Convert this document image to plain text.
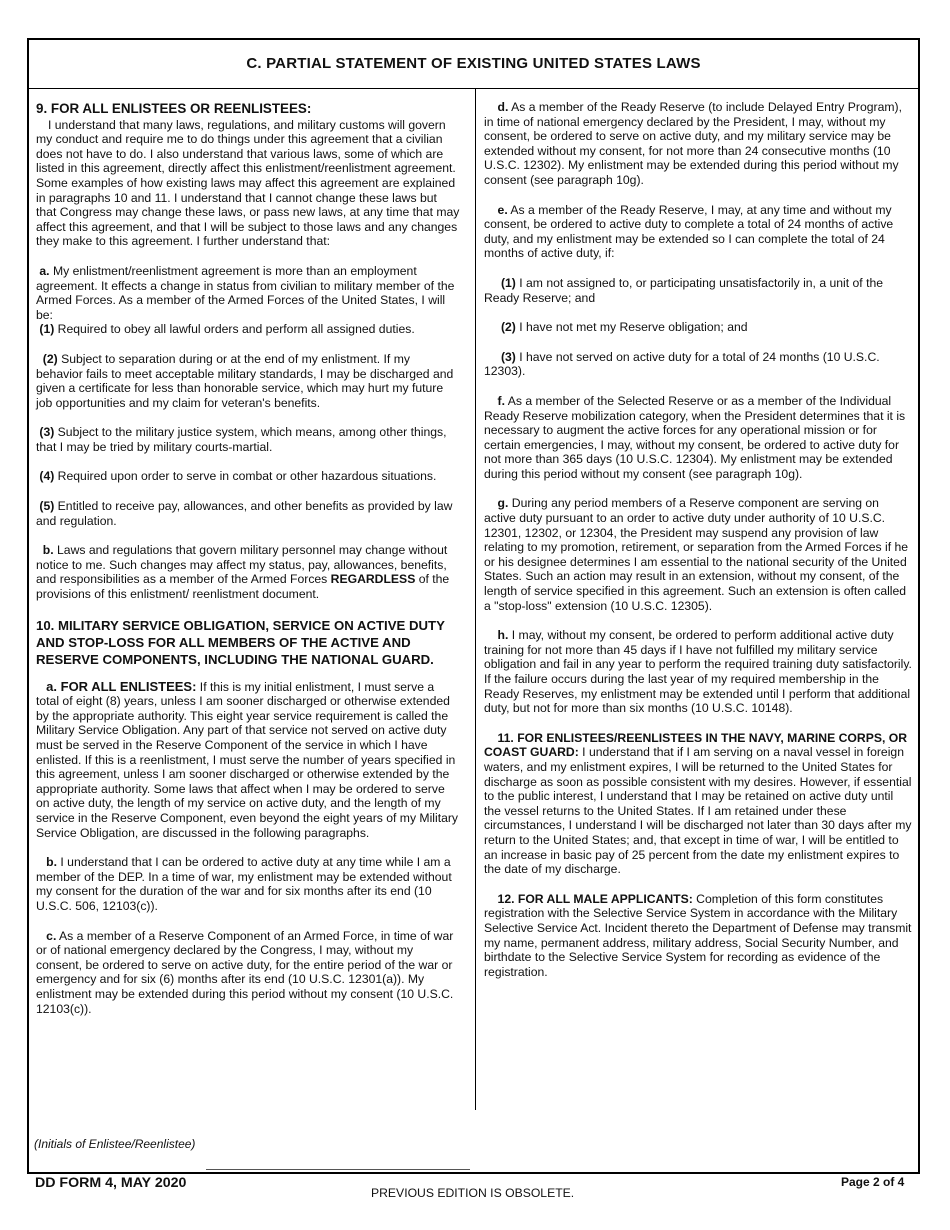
C. PARTIAL STATEMENT OF EXISTING UNITED STATES LAWS
9. FOR ALL ENLISTEES OR REENLISTEES:

I understand that many laws, regulations, and military customs will govern my conduct and require me to do things under this agreement that a civilian does not have to do. I also understand that various laws, some of which are listed in this agreement, directly affect this enlistment/reenlistment agreement. Some examples of how existing laws may affect this agreement are explained in paragraphs 10 and 11. I understand that I cannot change these laws but that Congress may change these laws, or pass new laws, at any time that may affect this agreement, and that I will be subject to those laws and any changes they make to this agreement. I further understand that:

a. My enlistment/reenlistment agreement is more than an employment agreement. It effects a change in status from civilian to military member of the Armed Forces. As a member of the Armed Forces of the United States, I will be:

(1) Required to obey all lawful orders and perform all assigned duties.

(2) Subject to separation during or at the end of my enlistment. If my behavior fails to meet acceptable military standards, I may be discharged and given a certificate for less than honorable service, which may hurt my future job opportunities and my claim for veteran's benefits.

(3) Subject to the military justice system, which means, among other things, that I may be tried by military courts-martial.

(4) Required upon order to serve in combat or other hazardous situations.

(5) Entitled to receive pay, allowances, and other benefits as provided by law and regulation.

b. Laws and regulations that govern military personnel may change without notice to me. Such changes may affect my status, pay, allowances, benefits, and responsibilities as a member of the Armed Forces REGARDLESS of the provisions of this enlistment/ reenlistment document.

10. MILITARY SERVICE OBLIGATION, SERVICE ON ACTIVE DUTY AND STOP-LOSS FOR ALL MEMBERS OF THE ACTIVE AND RESERVE COMPONENTS, INCLUDING THE NATIONAL GUARD.

a. FOR ALL ENLISTEES: If this is my initial enlistment, I must serve a total of eight (8) years, unless I am sooner discharged or otherwise extended by the appropriate authority. This eight year service requirement is called the Military Service Obligation. Any part of that service not served on active duty must be served in the Reserve Component of the service in which I have enlisted. If this is a reenlistment, I must serve the number of years specified in this agreement, unless I am sooner discharged or otherwise extended by the appropriate authority. Some laws that affect when I may be ordered to serve on active duty, the length of my service on active duty, and the length of my service in the Reserve Component, even beyond the eight years of my Military Service Obligation, are discussed in the following paragraphs.

b. I understand that I can be ordered to active duty at any time while I am a member of the DEP. In a time of war, my enlistment may be extended without my consent for the duration of the war and for six months after its end (10 U.S.C. 506, 12103(c)).

c. As a member of a Reserve Component of an Armed Force, in time of war or of national emergency declared by the Congress, I may, without my consent, be ordered to serve on active duty, for the entire period of the war or emergency and for six (6) months after its end (10 U.S.C. 12301(a)). My enlistment may be extended during this period without my consent (10 U.S.C. 12103(c)).

d. As a member of the Ready Reserve (to include Delayed Entry Program), in time of national emergency declared by the President, I may, without my consent, be ordered to serve on active duty, and my military service may be extended without my consent, for not more than 24 consecutive months (10 U.S.C. 12302). My enlistment may be extended during this period without my consent (see paragraph 10g).

e. As a member of the Ready Reserve, I may, at any time and without my consent, be ordered to active duty to complete a total of 24 months of active duty, and my enlistment may be extended so I can complete the total of 24 months of active duty, if:

(1) I am not assigned to, or participating unsatisfactorily in, a unit of the Ready Reserve; and

(2) I have not met my Reserve obligation; and

(3) I have not served on active duty for a total of 24 months (10 U.S.C. 12303).

f. As a member of the Selected Reserve or as a member of the Individual Ready Reserve mobilization category, when the President determines that it is necessary to augment the active forces for any operational mission or for certain emergencies, I may, without my consent, be ordered to active duty for not more than 365 days (10 U.S.C. 12304). My enlistment may be extended during this period without my consent (see paragraph 10g).

g. During any period members of a Reserve component are serving on active duty pursuant to an order to active duty under authority of 10 U.S.C. 12301, 12302, or 12304, the President may suspend any provision of law relating to my promotion, retirement, or separation from the Armed Forces if he or his designee determines I am essential to the national security of the United States. Such an action may result in an extension, without my consent, of the length of service specified in this agreement. Such an extension is often called a "stop-loss" extension (10 U.S.C. 12305).

h. I may, without my consent, be ordered to perform additional active duty training for not more than 45 days if I have not fulfilled my military service obligation and fail in any year to perform the required training duty satisfactorily. If the failure occurs during the last year of my required membership in the Ready Reserves, my enlistment may be extended until I perform that additional duty, but not for more than six months (10 U.S.C. 10148).

11. FOR ENLISTEES/REENLISTEES IN THE NAVY, MARINE CORPS, OR COAST GUARD: I understand that if I am serving on a naval vessel in foreign waters, and my enlistment expires, I will be returned to the United States for discharge as soon as possible consistent with my desires. However, if essential to the public interest, I understand that I may be retained on active duty until the vessel returns to the United States. If I am retained under these circumstances, I understand I will be discharged not later than 30 days after my return to the United States; and, that except in time of war, I will be entitled to an increase in basic pay of 25 percent from the date my enlistment expires to the date of my discharge.

12. FOR ALL MALE APPLICANTS: Completion of this form constitutes registration with the Selective Service System in accordance with the Military Selective Service Act. Incident thereto the Department of Defense may transmit my name, permanent address, military address, Social Security Number, and birthdate to the Selective Service System for recording as evidence of the registration.

(Initials of Enlistee/Reenlistee)
DD FORM 4, MAY 2020	Page 2 of 4
PREVIOUS EDITION IS OBSOLETE.
